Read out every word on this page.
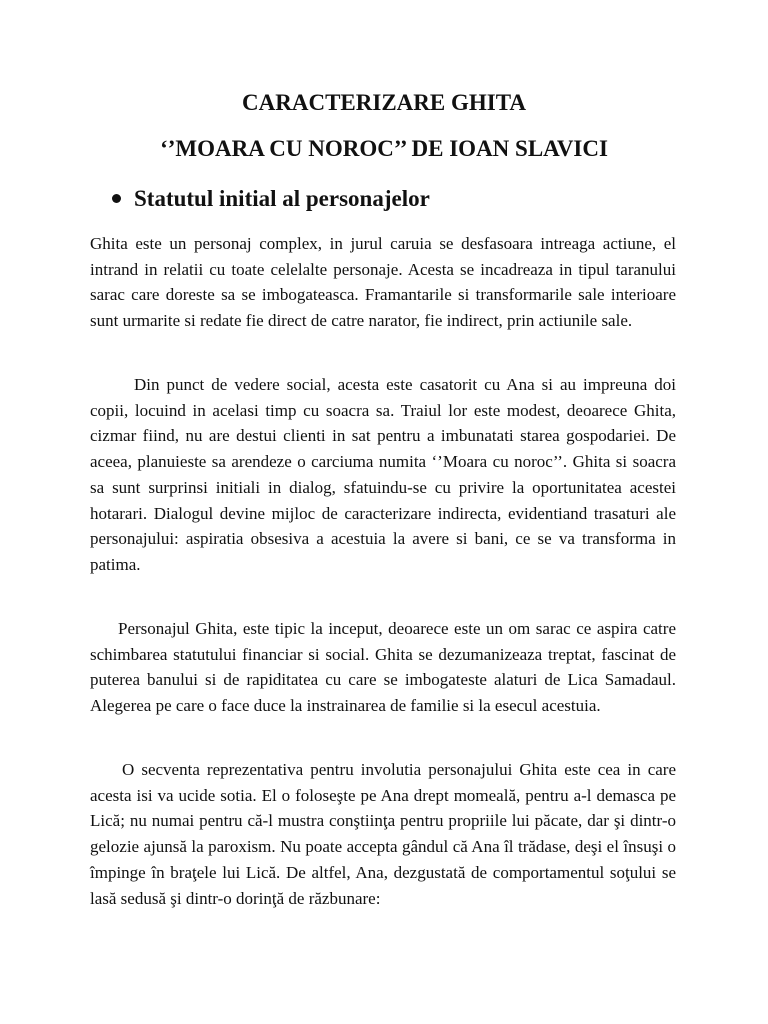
CARACTERIZARE GHITA
‘’MOARA CU NOROC’’ DE IOAN SLAVICI
Statutul initial al personajelor

Ghita este un personaj complex, in jurul caruia se desfasoara intreaga actiune, el intrand in relatii cu toate celelalte personaje. Acesta se incadreaza in tipul taranului sarac care doreste sa se imbogateasca. Framantarile si transformarile sale interioare sunt urmarite si redate fie direct de catre narator, fie indirect, prin actiunile sale.

Din punct de vedere social, acesta este casatorit cu Ana si au impreuna doi copii, locuind in acelasi timp cu soacra sa. Traiul lor este modest, deoarece Ghita, cizmar fiind, nu are destui clienti in sat pentru a imbunatati starea gospodariei. De aceea, planuieste sa arendeze o carciuma numita ‘’Moara cu noroc’’. Ghita si soacra sa sunt surprinsi initiali in dialog, sfatuindu-se cu privire la oportunitatea acestei hotarari. Dialogul devine mijloc de caracterizare indirecta, evidentiand trasaturi ale personajului: aspiratia obsesiva a acestuia la avere si bani, ce se va transforma in patima.

Personajul Ghita, este tipic la inceput, deoarece este un om sarac ce aspira catre schimbarea statutului financiar si social. Ghita se dezumanizeaza treptat, fascinat de puterea banului si de rapiditatea cu care se imbogateste alaturi de Lica Samadaul. Alegerea pe care o face duce la instrainarea de familie si la esecul acestuia.

O secventa reprezentativa pentru involutia personajului Ghita este cea in care acesta isi va ucide sotia. El o foloseşte pe Ana drept momeală, pentru a-l demasca pe Lică; nu numai pentru că-l mustra conştiinţa pentru propriile lui păcate, dar şi dintr-o gelozie ajunsă la paroxism. Nu poate accepta gândul că Ana îl trădase, deşi el însuşi o împinge în braţele lui Lică. De altfel, Ana, dezgustată de comportamentul soţului se lasă sedusă şi dintr-o dorinţă de răzbunare:
